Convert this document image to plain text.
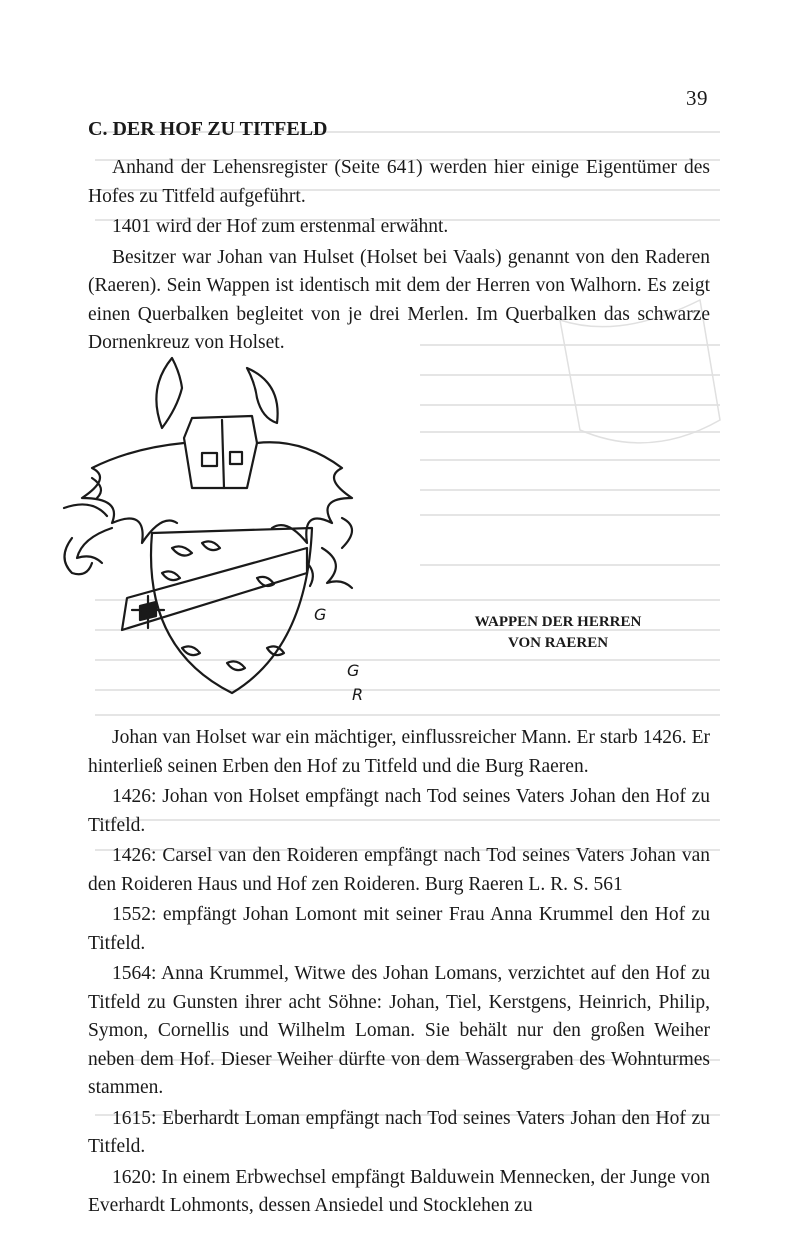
39
C. DER HOF ZU TITFELD

Anhand der Lehensregister (Seite 641) werden hier einige Eigentümer des Hofes zu Titfeld aufgeführt.

1401 wird der Hof zum erstenmal erwähnt.

Besitzer war Johan van Hulset (Holset bei Vaals) genannt von den Raderen (Raeren). Sein Wappen ist identisch mit dem der Herren von Walhorn. Es zeigt einen Querbalken begleitet von je drei Merlen. Im Querbalken das schwarze Dornenkreuz von Holset.

G
G
R
WAPPEN DER HERREN
VON RAEREN

Johan van Holset war ein mächtiger, einflussreicher Mann. Er starb 1426. Er hinterließ seinen Erben den Hof zu Titfeld und die Burg Raeren.

1426: Johan von Holset empfängt nach Tod seines Vaters Johan den Hof zu Titfeld.

1426: Carsel van den Roideren empfängt nach Tod seines Vaters Johan van den Roideren Haus und Hof zen Roideren. Burg Raeren L. R. S. 561

1552: empfängt Johan Lomont mit seiner Frau Anna Krummel den Hof zu Titfeld.

1564: Anna Krummel, Witwe des Johan Lomans, verzichtet auf den Hof zu Titfeld zu Gunsten ihrer acht Söhne: Johan, Tiel, Kerstgens, Heinrich, Philip, Symon, Cornellis und Wilhelm Loman. Sie behält nur den großen Weiher neben dem Hof. Dieser Weiher dürfte von dem Wassergraben des Wohnturmes stammen.

1615: Eberhardt Loman empfängt nach Tod seines Vaters Johan den Hof zu Titfeld.

1620: In einem Erbwechsel empfängt Balduwein Mennecken, der Junge von Everhardt Lohmonts, dessen Ansiedel und Stocklehen zu
